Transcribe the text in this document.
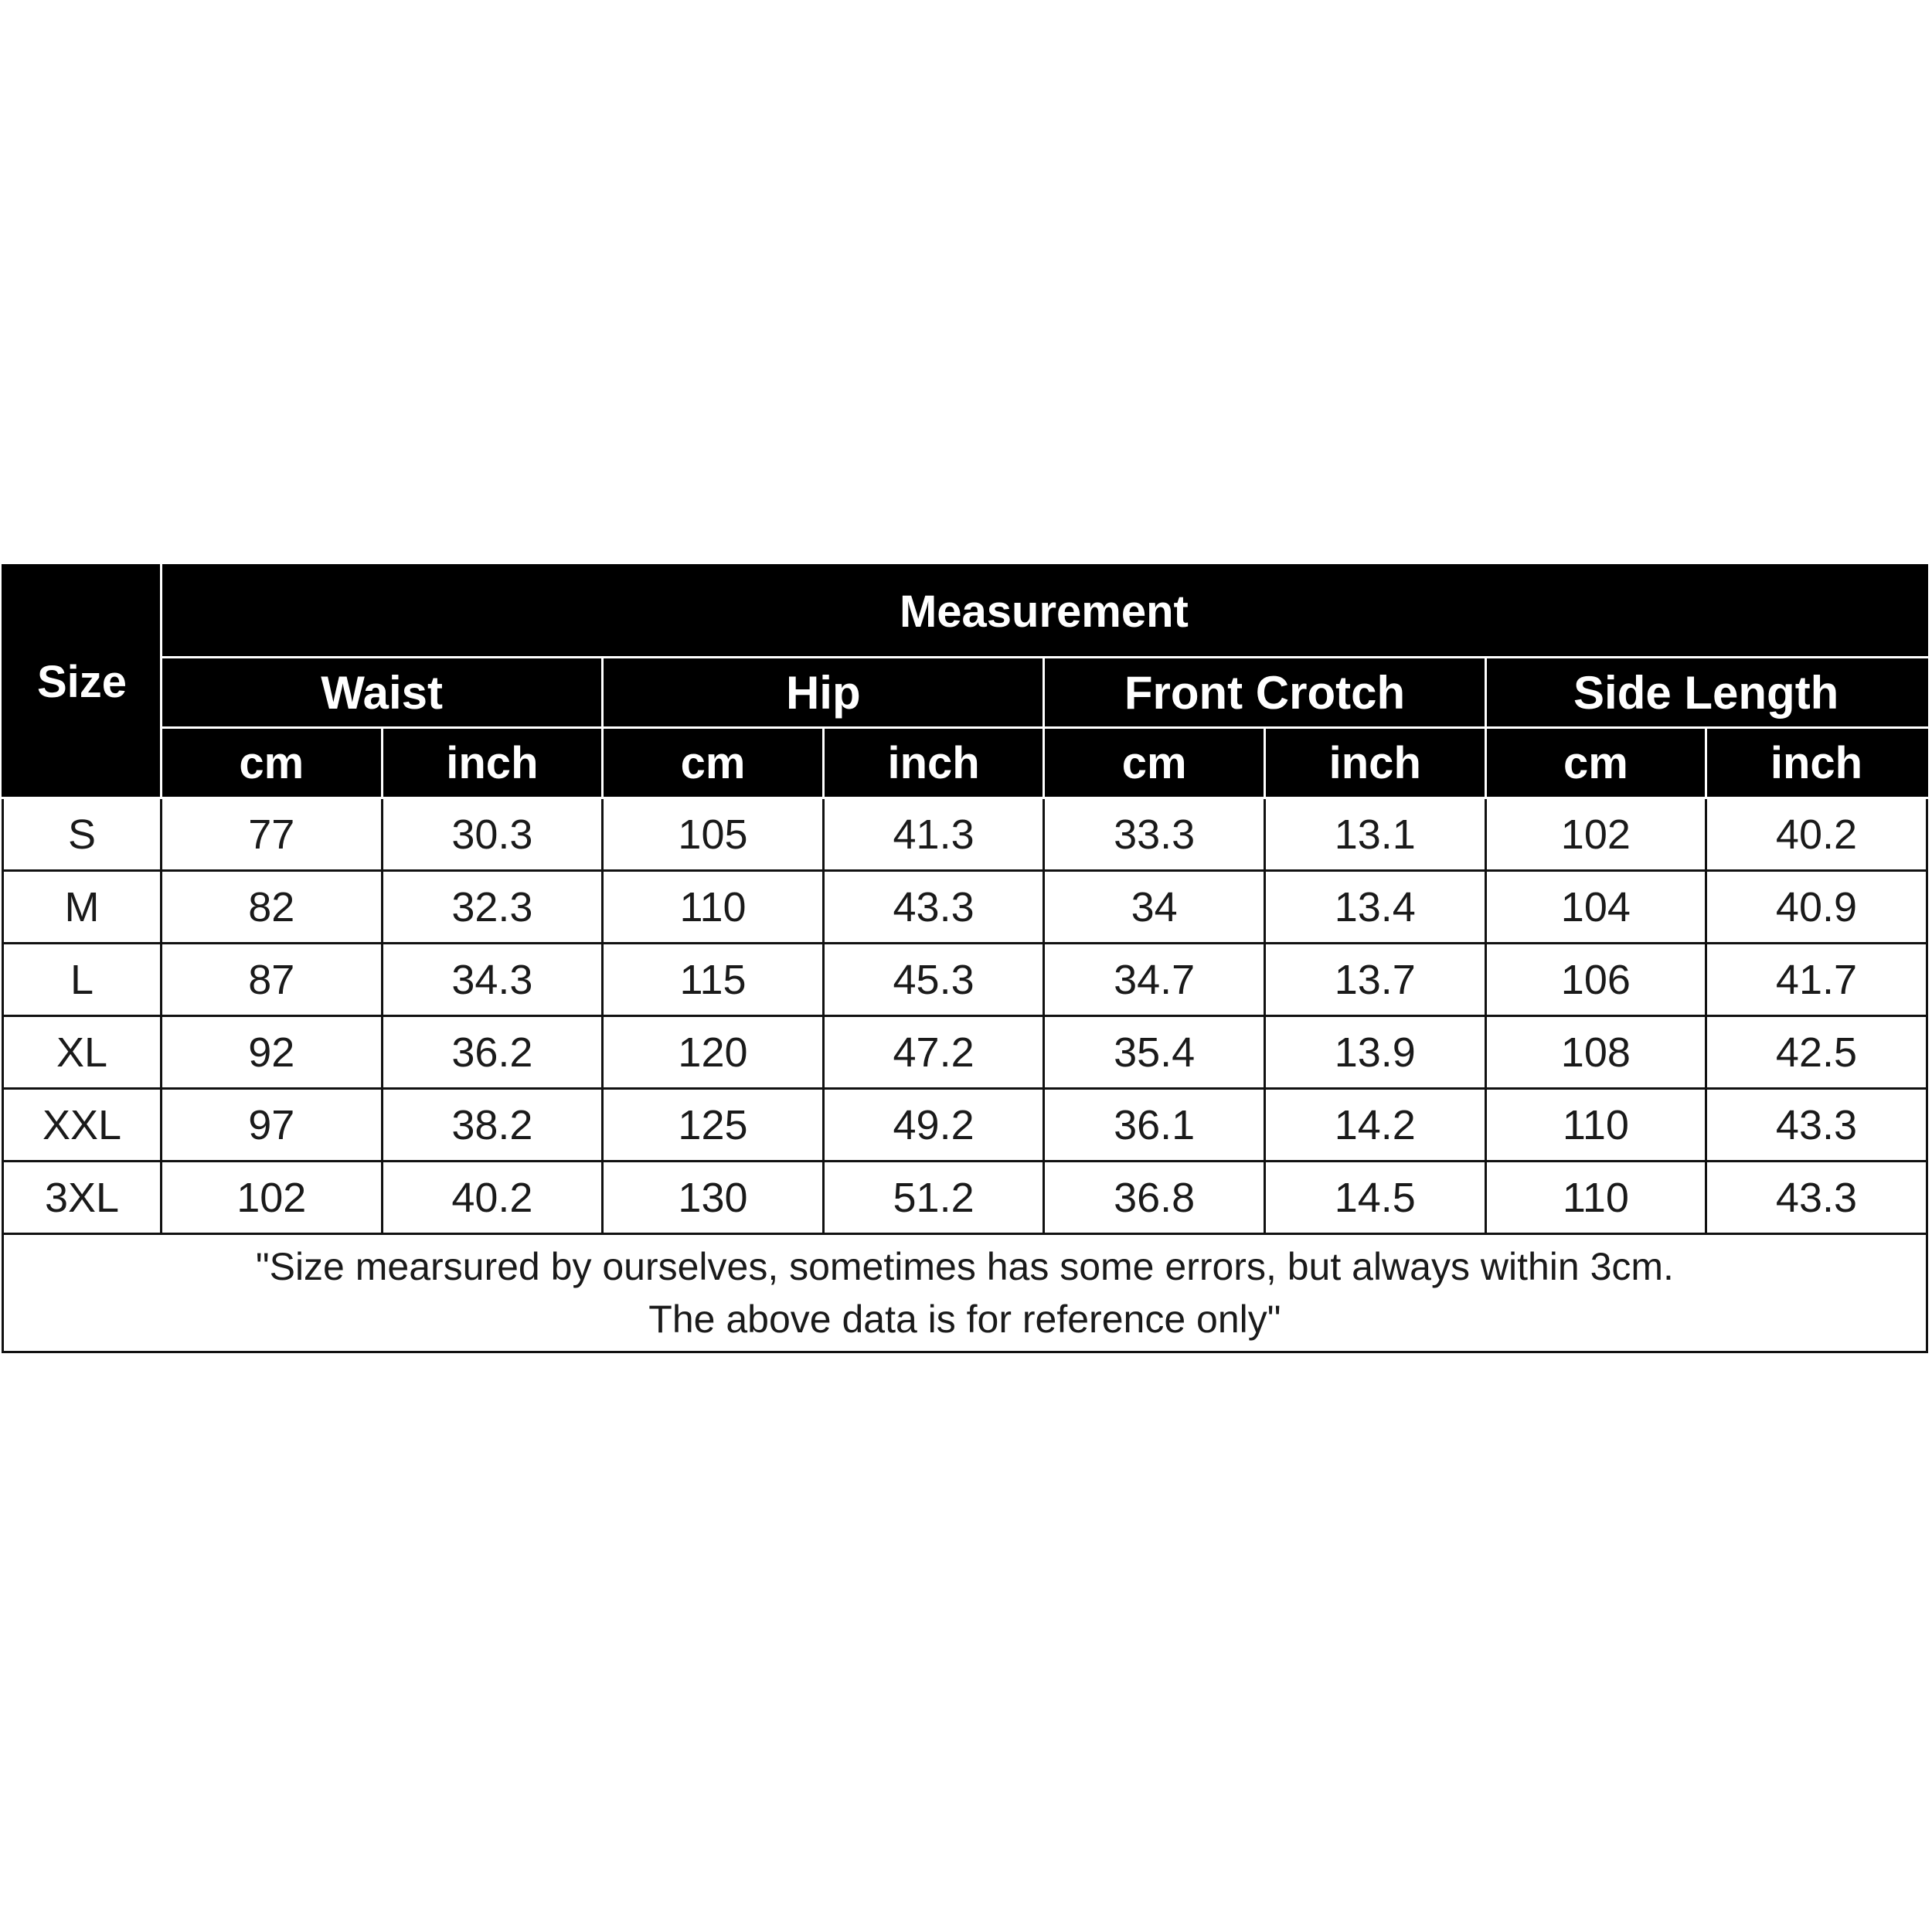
Size	Measurement							
	Waist		Hip		Front Crotch		Side Length	
	cm	inch	cm	inch	cm	inch	cm	inch
S	77	30.3	105	41.3	33.3	13.1	102	40.2
M	82	32.3	110	43.3	34	13.4	104	40.9
L	87	34.3	115	45.3	34.7	13.7	106	41.7
XL	92	36.2	120	47.2	35.4	13.9	108	42.5
XXL	97	38.2	125	49.2	36.1	14.2	110	43.3
3XL	102	40.2	130	51.2	36.8	14.5	110	43.3

"Size mearsured by ourselves, sometimes has some errors, but always within 3cm.
The above data is for reference only"								
